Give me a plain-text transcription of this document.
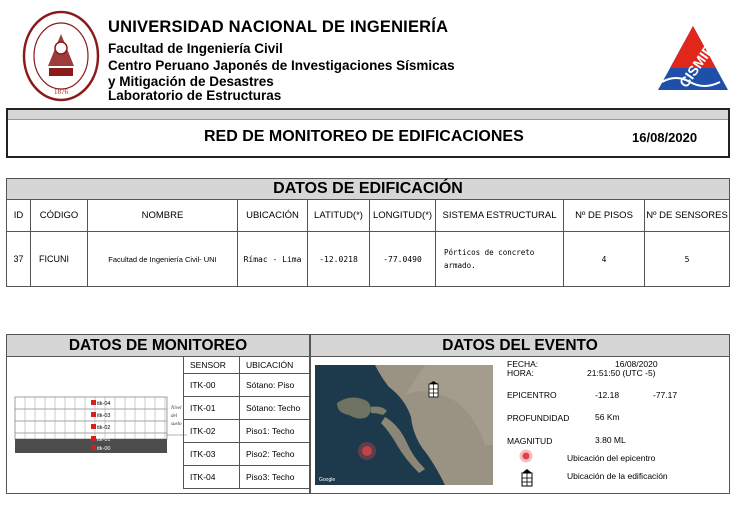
1876
UNIVERSIDAD NACIONAL DE INGENIERÍA
Facultad de Ingeniería Civil
Centro Peruano Japonés de Investigaciones Sísmicas
y Mitigación de Desastres
Laboratorio de Estructuras
CISMID
RED DE MONITOREO DE EDIFICACIONES	16/08/2020
DATOS DE EDIFICACIÓN								
ID	CÓDIGO	NOMBRE	UBICACIÓN	LATITUD(*)	LONGITUD(*)	SISTEMA ESTRUCTURAL	Nº DE PISOS	Nº DE SENSORES
37	FICUNI	Facultad de Ingeniería Civil- UNI	Rímac - Lima	-12.0218	-77.0490	Pórticos de concreto armado.	4	5
DATOS DE MONITOREO
itk-04
itk-03
itk-02
itk-01
itk-00
Nivel
del
suelo
SENSOR	UBICACIÓN
ITK-00	Sótano: Piso
ITK-01	Sótano: Techo
ITK-02	Piso1: Techo
ITK-03	Piso2: Techo
ITK-04	Piso3: Techo
DATOS DEL EVENTO
Google
FECHA:	16/08/2020
HORA:	21:51:50 (UTC -5)
EPICENTRO	-12.18	-77.17
PROFUNDIDAD	56 Km
MAGNITUD	3.80 ML
Ubicación del epicentro
Ubicación de la edificación
